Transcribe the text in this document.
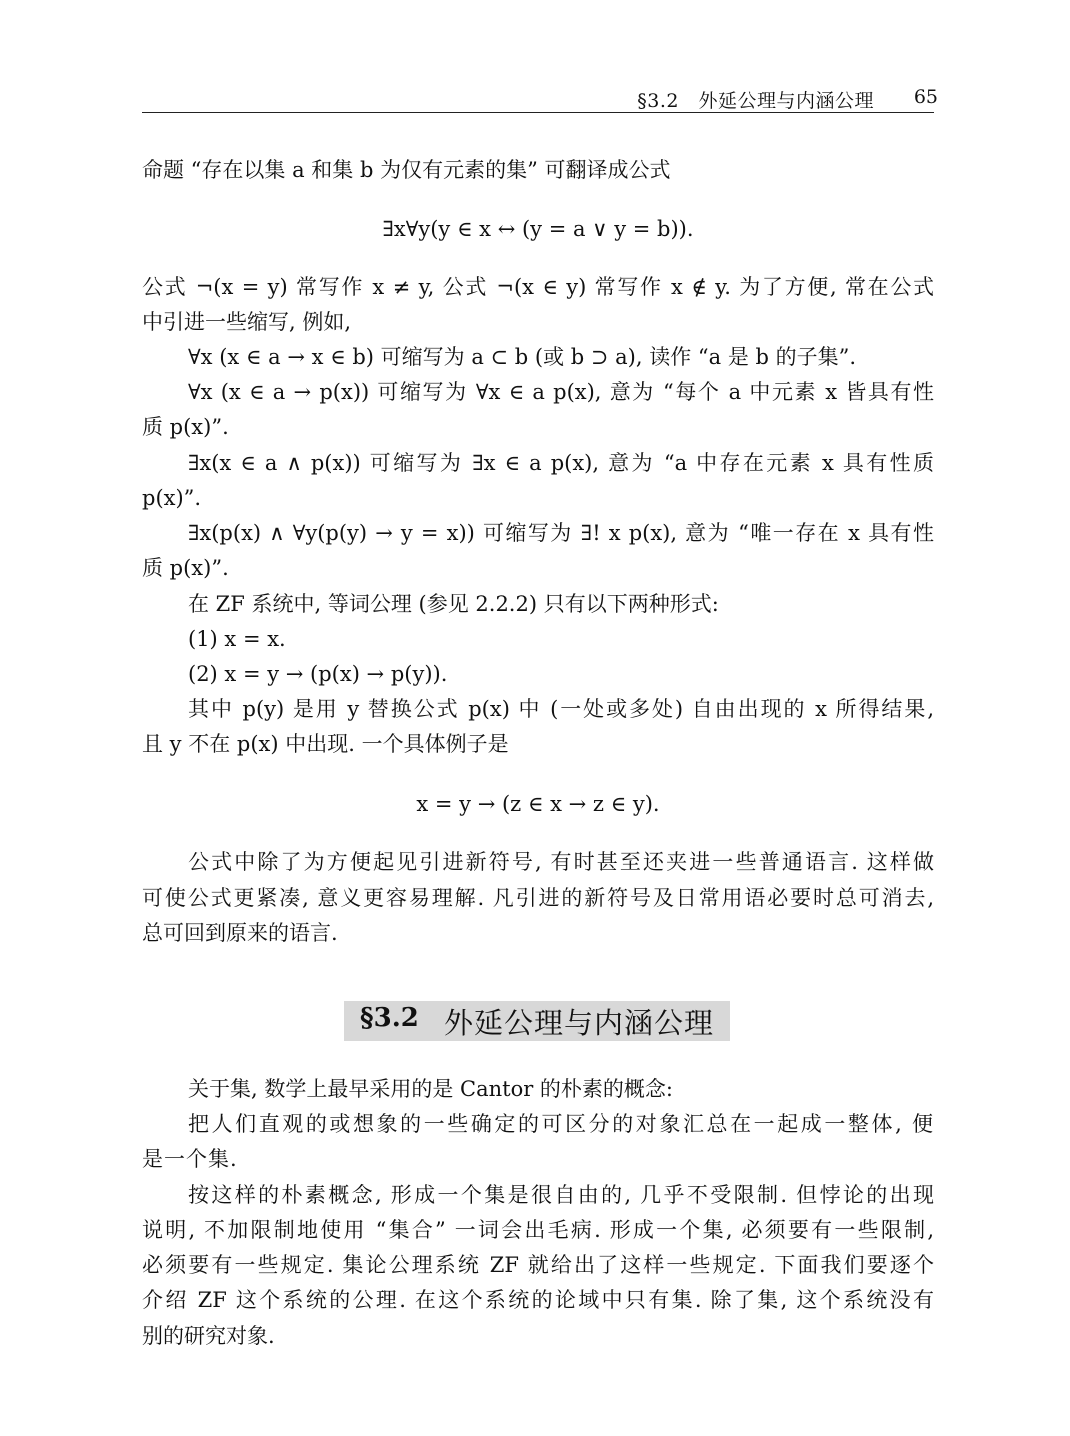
§3.2　外延公理与内涵公理 65
命题 “存在以集 a 和集 b 为仅有元素的集” 可翻译成公式
∃x∀y(y ∈ x ↔ (y = a ∨ y = b)).
公式 ¬(x = y) 常写作 x ≠ y, 公式 ¬(x ∈ y) 常写作 x ∉ y. 为了方便, 常在公式
中引进一些缩写, 例如,
∀x (x ∈ a → x ∈ b) 可缩写为 a ⊂ b (或 b ⊃ a), 读作 “a 是 b 的子集”.
∀x (x ∈ a → p(x)) 可缩写为 ∀x ∈ a p(x), 意为 “每个 a 中元素 x 皆具有性
质 p(x)”.
∃x(x ∈ a ∧ p(x)) 可缩写为 ∃x ∈ a p(x), 意为 “a 中存在元素 x 具有性质
p(x)”.
∃x(p(x) ∧ ∀y(p(y) → y = x)) 可缩写为 ∃! x p(x), 意为 “唯一存在 x 具有性
质 p(x)”.
在 ZF 系统中, 等词公理 (参见 2.2.2) 只有以下两种形式:
(1) x = x.
(2) x = y → (p(x) → p(y)).
其中 p(y) 是用 y 替换公式 p(x) 中 (一处或多处) 自由出现的 x 所得结果,
且 y 不在 p(x) 中出现. 一个具体例子是
x = y → (z ∈ x → z ∈ y).
公式中除了为方便起见引进新符号, 有时甚至还夹进一些普通语言. 这样做
可使公式更紧凑, 意义更容易理解. 凡引进的新符号及日常用语必要时总可消去,
总可回到原来的语言.
§3.2 外延公理与内涵公理
关于集, 数学上最早采用的是 Cantor 的朴素的概念:
把人们直观的或想象的一些确定的可区分的对象汇总在一起成一整体, 便
是一个集.
按这样的朴素概念, 形成一个集是很自由的, 几乎不受限制. 但悖论的出现
说明, 不加限制地使用 “集合” 一词会出毛病. 形成一个集, 必须要有一些限制,
必须要有一些规定. 集论公理系统 ZF 就给出了这样一些规定. 下面我们要逐个
介绍 ZF 这个系统的公理. 在这个系统的论域中只有集. 除了集, 这个系统没有
别的研究对象.
